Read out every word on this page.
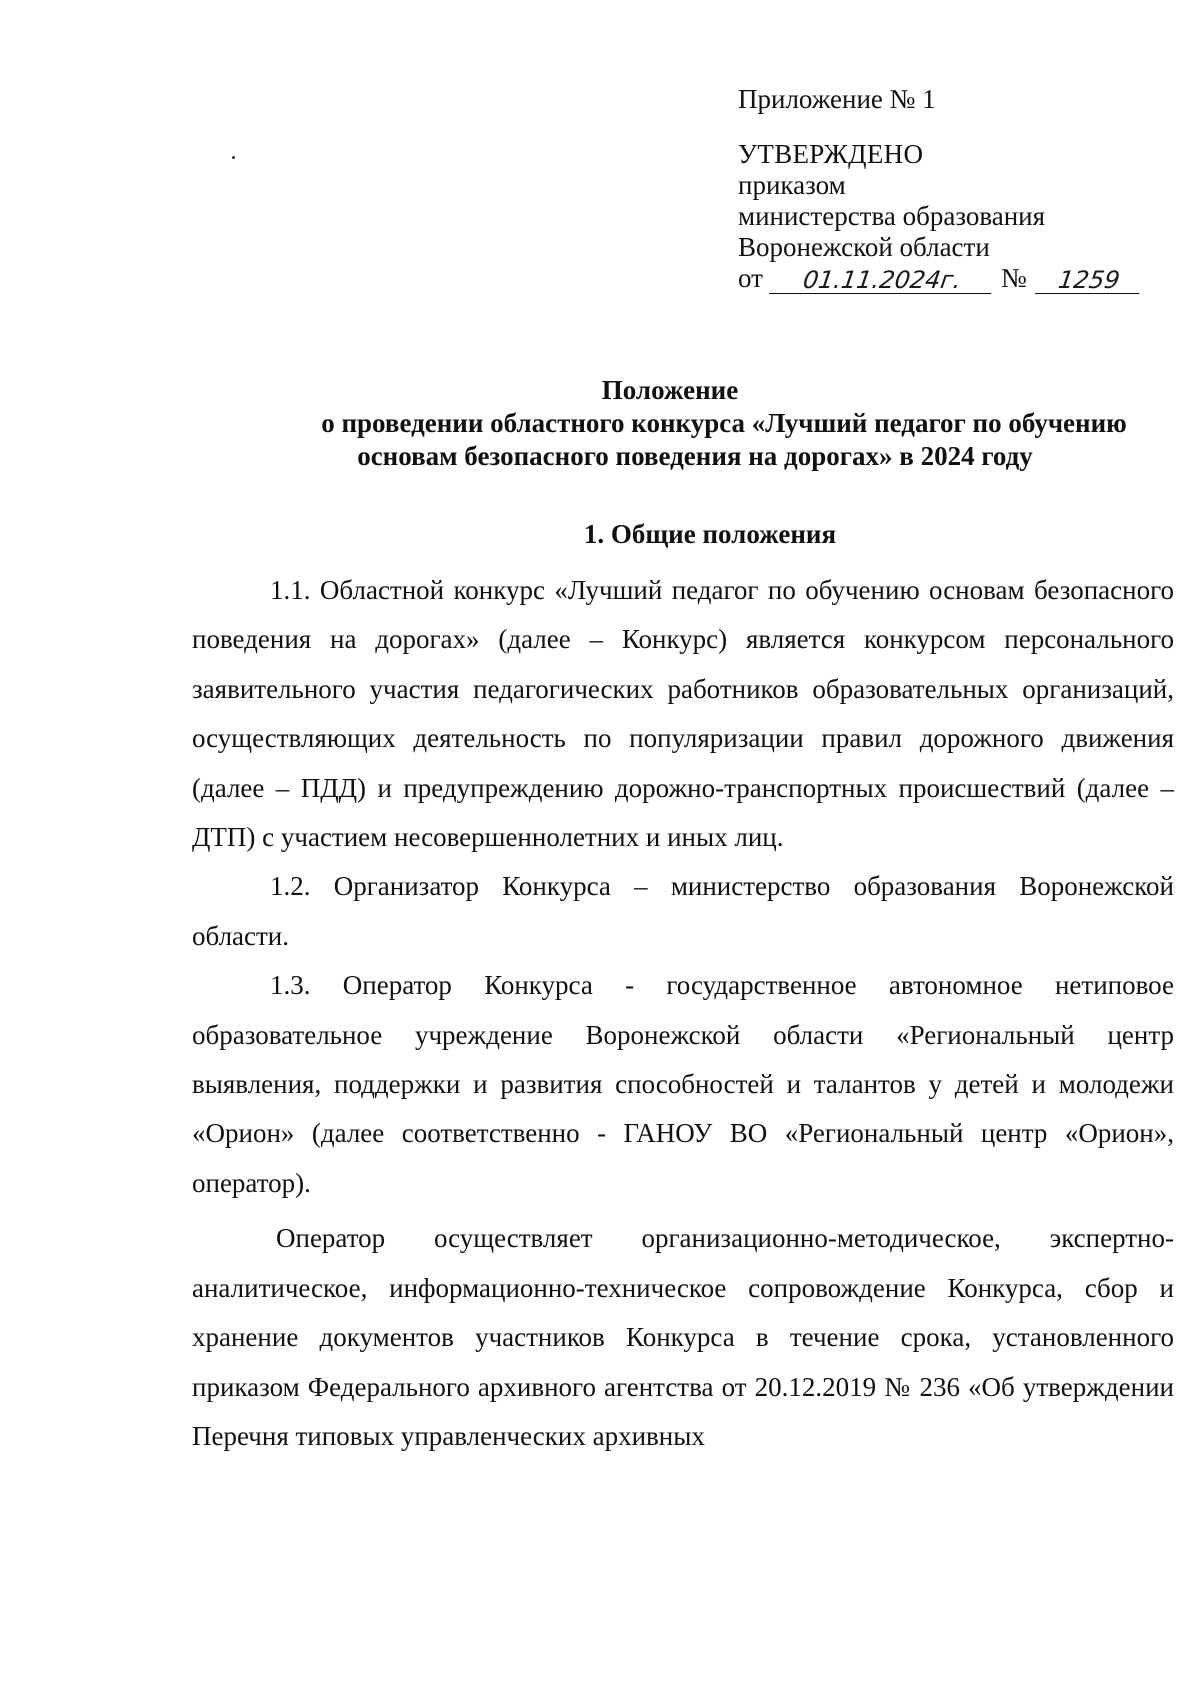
Приложение № 1
УТВЕРЖДЕНО
приказом
министерства образования
Воронежской области
от	01.11.2024г.	№	1259
Положение
о проведении областного конкурса «Лучший педагог по обучению
основам безопасного поведения на дорогах» в 2024 году
1. Общие положения

1.1. Областной конкурс «Лучший педагог по обучению основам безопасного поведения на дорогах» (далее – Конкурс) является конкурсом персонального заявительного участия педагогических работников образовательных организаций, осуществляющих деятельность по популяризации правил дорожного движения (далее – ПДД) и предупреждению дорожно-транспортных происшествий (далее – ДТП) с участием несовершеннолетних и иных лиц.

1.2. Организатор Конкурса – министерство образования Воронежской области.

1.3. Оператор Конкурса - государственное автономное нетиповое образовательное учреждение Воронежской области «Региональный центр выявления, поддержки и развития способностей и талантов у детей и молодежи «Орион» (далее соответственно - ГАНОУ ВО «Региональный центр «Орион», оператор).

Оператор осуществляет организационно-методическое, экспертно-аналитическое, информационно-техническое сопровождение Конкурса, сбор и хранение документов участников Конкурса в течение срока, установленного приказом Федерального архивного агентства от 20.12.2019 № 236 «Об утверждении Перечня типовых управленческих архивных
